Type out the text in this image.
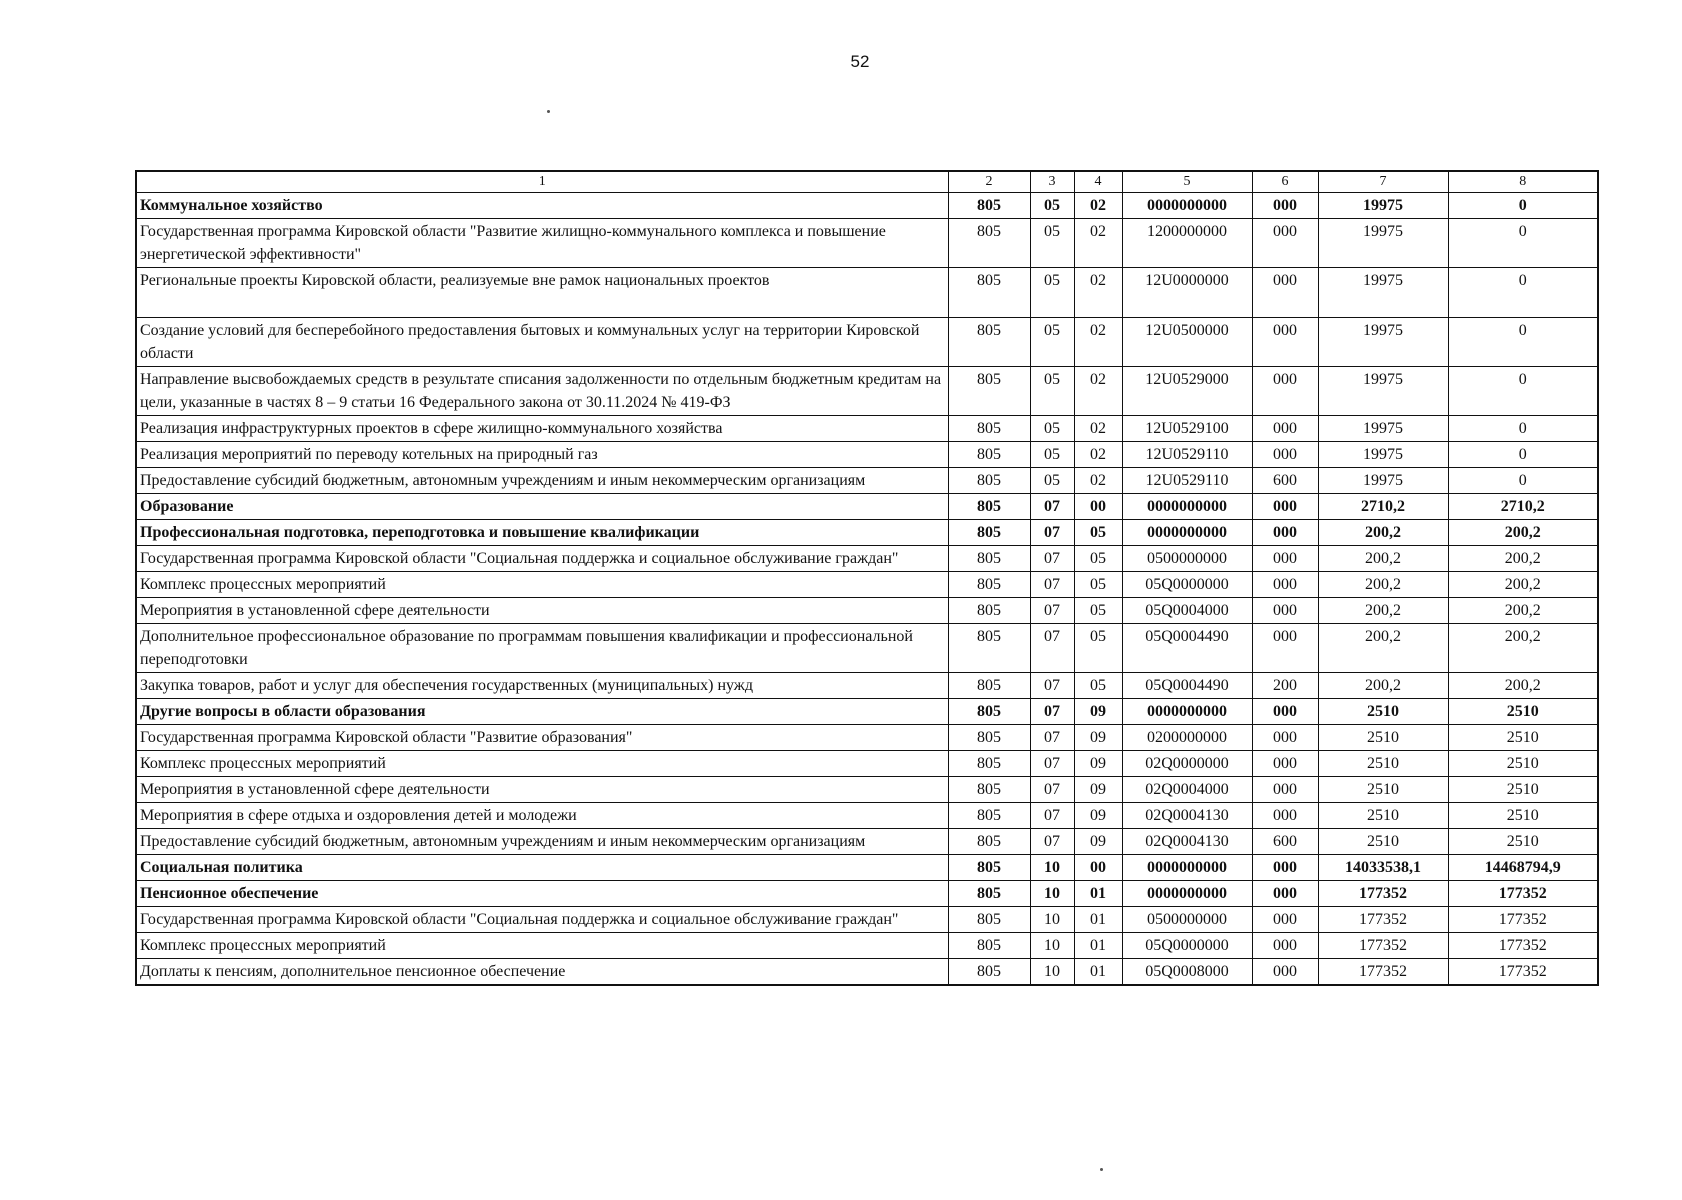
52
1	2	3	4	5	6	7	8
Коммунальное хозяйство	805	05	02	0000000000	000	19975	0
Государственная программа Кировской области "Развитие жилищно-коммунального комплекса и повышение энергетической эффективности"	805	05	02	1200000000	000	19975	0
Региональные проекты Кировской области, реализуемые вне рамок национальных проектов	805	05	02	12U0000000	000	19975	0
Создание условий для бесперебойного предоставления бытовых и коммунальных услуг на территории Кировской области	805	05	02	12U0500000	000	19975	0
Направление высвобождаемых средств в результате списания задолженности по отдельным бюджетным кредитам на цели, указанные в частях 8 – 9 статьи 16 Федерального закона от 30.11.2024 № 419-ФЗ	805	05	02	12U0529000	000	19975	0
Реализация инфраструктурных проектов в сфере жилищно-коммунального хозяйства	805	05	02	12U0529100	000	19975	0
Реализация мероприятий по переводу котельных на природный газ	805	05	02	12U0529110	000	19975	0
Предоставление субсидий бюджетным, автономным учреждениям и иным некоммерческим организациям	805	05	02	12U0529110	600	19975	0
Образование	805	07	00	0000000000	000	2710,2	2710,2
Профессиональная подготовка, переподготовка и повышение квалификации	805	07	05	0000000000	000	200,2	200,2
Государственная программа Кировской области "Социальная поддержка и социальное обслуживание граждан"	805	07	05	0500000000	000	200,2	200,2
Комплекс процессных мероприятий	805	07	05	05Q0000000	000	200,2	200,2
Мероприятия в установленной сфере деятельности	805	07	05	05Q0004000	000	200,2	200,2
Дополнительное профессиональное образование по программам повышения квалификации и профессиональной переподготовки	805	07	05	05Q0004490	000	200,2	200,2
Закупка товаров, работ и услуг для обеспечения государственных (муниципальных) нужд	805	07	05	05Q0004490	200	200,2	200,2
Другие вопросы в области образования	805	07	09	0000000000	000	2510	2510
Государственная программа Кировской области "Развитие образования"	805	07	09	0200000000	000	2510	2510
Комплекс процессных мероприятий	805	07	09	02Q0000000	000	2510	2510
Мероприятия в установленной сфере деятельности	805	07	09	02Q0004000	000	2510	2510
Мероприятия в сфере отдыха и оздоровления детей и молодежи	805	07	09	02Q0004130	000	2510	2510
Предоставление субсидий бюджетным, автономным учреждениям и иным некоммерческим организациям	805	07	09	02Q0004130	600	2510	2510
Социальная политика	805	10	00	0000000000	000	14033538,1	14468794,9
Пенсионное обеспечение	805	10	01	0000000000	000	177352	177352
Государственная программа Кировской области "Социальная поддержка и социальное обслуживание граждан"	805	10	01	0500000000	000	177352	177352
Комплекс процессных мероприятий	805	10	01	05Q0000000	000	177352	177352
Доплаты к пенсиям, дополнительное пенсионное обеспечение	805	10	01	05Q0008000	000	177352	177352
